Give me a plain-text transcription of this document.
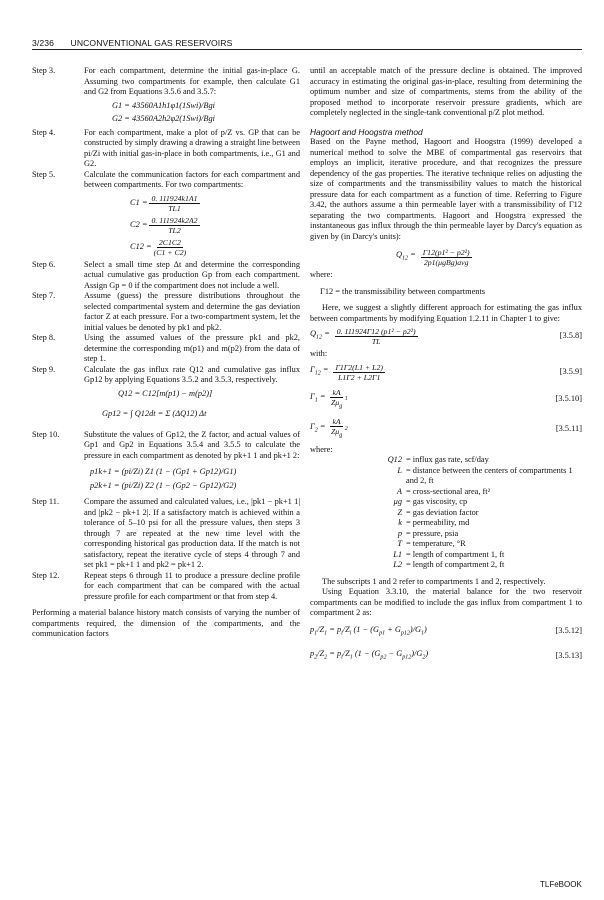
3/236 UNCONVENTIONAL GAS RESERVOIRS
Step 3.	For each compartment, determine the initial gas-in-place G. Assuming two compartments for example, then calculate G1 and G2 from Equations 3.5.6 and 3.5.7:
G1 = 43560A1h1φ1(1Swi)/Bgi
G2 = 43560A2h2φ2(1Swi)/Bgi
Step 4.	For each compartment, make a plot of p/Z vs. GP that can be constructed by simply drawing a drawing a straight line between pi/Zi with initial gas-in-place in both compartments, i.e., G1 and G2.
Step 5.	Calculate the communication factors for each compartment and between compartments. For two compartments:
$C1 = \frac{0. 111924k1A1}{TL1}$
$C2 = \frac{0. 111924k2A2}{TL2}$
$C12 = \frac{2C1C2}{(C1 + C2)}$
Step 6.	Select a small time step Δt and determine the corresponding actual cumulative gas production Gp from each compartment. Assign Gp = 0 if the compartment does not include a well.
Step 7.	Assume (guess) the pressure distributions throughout the selected compartmental system and determine the gas deviation factor Z at each pressure. For a two-compartment system, let the initial values be denoted by pk1 and pk2.
Step 8.	Using the assumed values of the pressure pk1 and pk2, determine the corresponding m(p1) and m(p2) from the data of step 1.
Step 9.	Calculate the gas influx rate Q12 and cumulative gas influx Gp12 by applying Equations 3.5.2 and 3.5.3, respectively.
Q12 = C12[m(p1) − m(p2)]
Gp12 = ∫ Q12dt = Σ (ΔQ12) Δt
Step 10.	Substitute the values of Gp12, the Z factor, and actual values of Gp1 and Gp2 in Equations 3.5.4 and 3.5.5 to calculate the pressure in each compartment as denoted by pk+1 1 and pk+1 2:
p1k+1 = (pi/Zi) Z1 (1 − (Gp1 + Gp12)/G1)
p2k+1 = (pi/Zi) Z2 (1 − (Gp2 − Gp12)/G2)
Step 11.	Compare the assumed and calculated values, i.e., |pk1 − pk+1 1| and |pk2 − pk+1 2|. If a satisfactory match is achieved within a tolerance of 5–10 psi for all the pressure values, then steps 3 through 7 are repeated at the new time level with the corresponding historical gas production data. If the match is not satisfactory, repeat the iterative cycle of steps 4 through 7 and set pk1 = pk+1 1 and pk2 = pk+1 2.
Step 12.	Repeat steps 6 through 11 to produce a pressure decline profile for each compartment that can be compared with the actual pressure profile for each compartment or that from step 4.

Performing a material balance history match consists of varying the number of compartments required, the dimension of the compartments, and the communication factors

until an acceptable match of the pressure decline is obtained. The improved accuracy in estimating the original gas-in-place, resulting from determining the optimum number and size of compartments, stems from the ability of the proposed method to incorporate reservoir pressure gradients, which are completely neglected in the single-tank conventional p/Z plot method.

Hagoort and Hoogstra method

Based on the Payne method, Hagoort and Hoogstra (1999) developed a numerical method to solve the MBE of compartmental gas reservoirs that employs an implicit, iterative procedure, and that recognizes the pressure dependency of the gas properties. The iterative technique relies on adjusting the size of compartments and the transmissibility values to match the historical pressure data for each compartment as a function of time. Referring to Figure 3.42, the authors assume a thin permeable layer with a transmissibility of Γ12 separating the two compartments. Hagoort and Hoogstra expressed the instantaneous gas influx through the thin permeable layer by Darcy's equation as given by (in Darcy's units):

$Q_{12} = \frac{\text{Γ12(p1² − p2²)}}{\text{2p1(μgBg)avg}}$

where:

Γ12 = the transmissibility between compartments

Here, we suggest a slightly different approach for estimating the gas influx between compartments by modifying Equation 1.2.11 in Chapter 1 to give:

$Q_{12} = \frac{\text{0. 111924Γ12 (p1² − p2²)}}{TL}$	[3.5.8]

with:

$\Gamma_{12} = \frac{\Gamma 1\Gamma 2(L1 + L2)}{L1\Gamma 2 + L2\Gamma 1}$	[3.5.9]
$\Gamma_1 = \frac{kA}{Z\mu_g} 1$	[3.5.10]
$\Gamma_2 = \frac{kA}{Z\mu_g} 2$	[3.5.11]

where:

Q12 = influx gas rate, scf/day
L = distance between the centers of compartments 1 and 2, ft
A = cross-sectional area, ft²
μg = gas viscosity, cp
Z = gas deviation factor
k = permeability, md
p = pressure, psia
T = temperature, °R
L1 = length of compartment 1, ft
L2 = length of compartment 2, ft

The subscripts 1 and 2 refer to compartments 1 and 2, respectively.

Using Equation 3.3.10, the material balance for the two reservoir compartments can be modified to include the gas influx from compartment 1 to compartment 2 as:

$p_1/Z_1 = p_i/Z_i$ $(1 - (G_{p1} + G_{p12})/G_1)$	[3.5.12]
$p_2/Z_2 = p_i/Z_1$ $(1 - (G_{p2} - G_{p12})/G_2)$	[3.5.13]
TLFeBOOK
